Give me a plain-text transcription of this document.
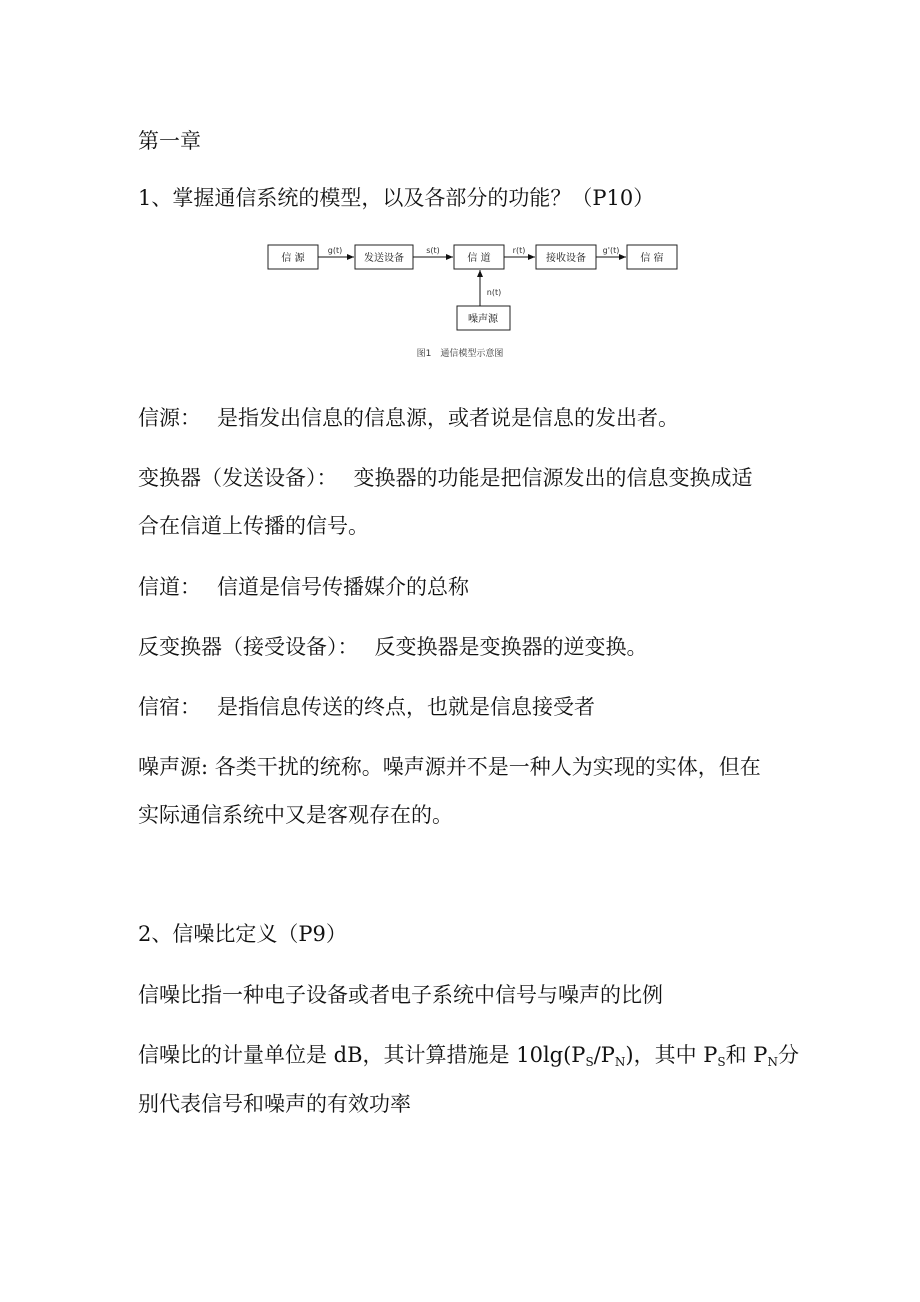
第一章
1、掌握通信系统的模型，以及各部分的功能？（P10）
信 源	发送设备	信 道	接收设备	信 宿
噪声源
g(t)	s(t)	r(t)	g'(t)
n(t)
图1　通信模型示意图
信源： 是指发出信息的信息源，或者说是信息的发出者。
变换器（发送设备）： 变换器的功能是把信源发出的信息变换成适
合在信道上传播的信号。
信道： 信道是信号传播媒介的总称
反变换器（接受设备）： 反变换器是变换器的逆变换。
信宿： 是指信息传送的终点，也就是信息接受者
噪声源: 各类干扰的统称。噪声源并不是一种人为实现的实体，但在
实际通信系统中又是客观存在的。
2、信噪比定义（P9）
信噪比指一种电子设备或者电子系统中信号与噪声的比例
信噪比的计量单位是 dB，其计算措施是 $10\lg(P_S/P_N)$，其中 $P_S$和 $P_N$分
别代表信号和噪声的有效功率
